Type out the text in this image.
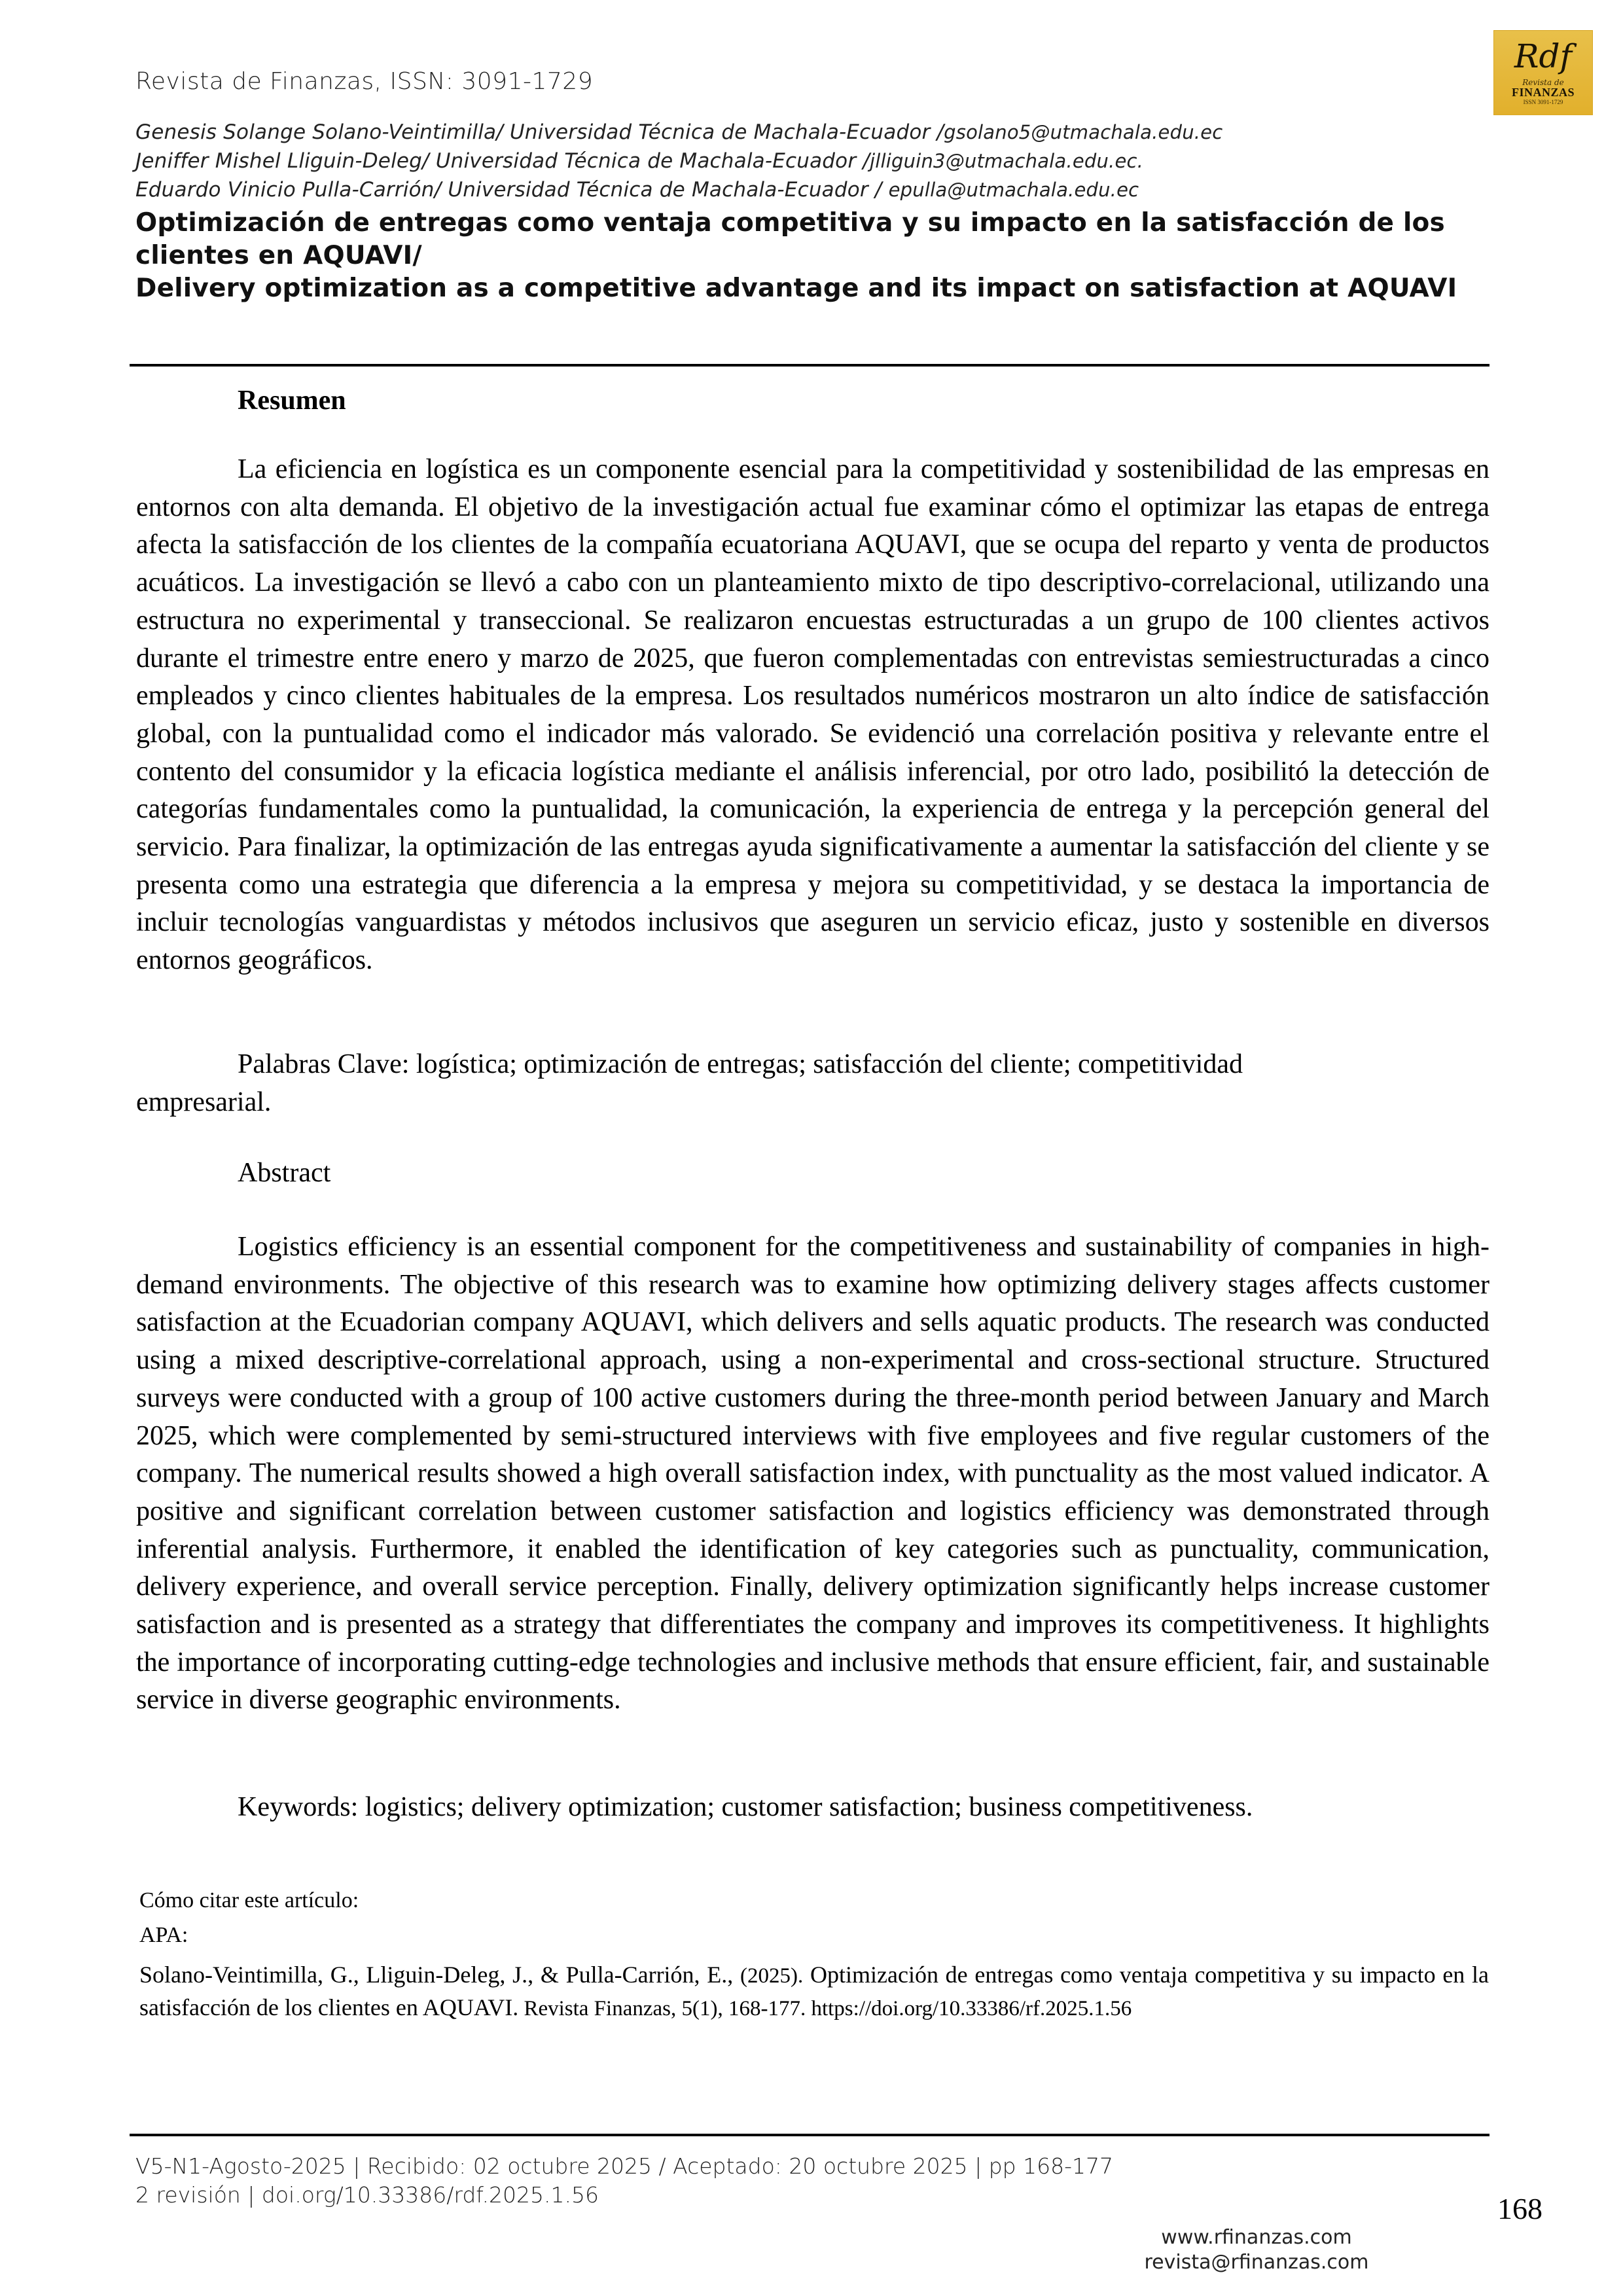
Revista de Finanzas, ISSN: 3091-1729
Rdf
Revista de
FINANZAS
ISSN 3091-1729
Genesis Solange Solano-Veintimilla/ Universidad Técnica de Machala-Ecuador /gsolano5@utmachala.edu.ec
Jeniffer Mishel Lliguin-Deleg/ Universidad Técnica de Machala-Ecuador /jlliguin3@utmachala.edu.ec.
Eduardo Vinicio Pulla-Carrión/ Universidad Técnica de Machala-Ecuador / epulla@utmachala.edu.ec
Optimización de entregas como ventaja competitiva y su impacto en la satisfacción de los
clientes en AQUAVI/
Delivery optimization as a competitive advantage and its impact on satisfaction at AQUAVI
Resumen
La eficiencia en logística es un componente esencial para la competitividad y sostenibilidad de las empresas en entornos con alta demanda. El objetivo de la investigación actual fue examinar cómo el optimizar las etapas de entrega afecta la satisfacción de los clientes de la compañía ecuatoriana AQUAVI, que se ocupa del reparto y venta de productos acuáticos. La investigación se llevó a cabo con un planteamiento mixto de tipo descriptivo-correlacional, utilizando una estructura no experimental y transeccional. Se realizaron encuestas estructuradas a un grupo de 100 clientes activos durante el trimestre entre enero y marzo de 2025, que fueron complementadas con entrevistas semiestructuradas a cinco empleados y cinco clientes habituales de la empresa. Los resultados numéricos mostraron un alto índice de satisfacción global, con la puntualidad como el indicador más valorado. Se evidenció una correlación positiva y relevante entre el contento del consumidor y la eficacia logística mediante el análisis inferencial, por otro lado, posibilitó la detección de categorías fundamentales como la puntualidad, la comunicación, la experiencia de entrega y la percepción general del servicio. Para finalizar, la optimización de las entregas ayuda significativamente a aumentar la satisfacción del cliente y se presenta como una estrategia que diferencia a la empresa y mejora su competitividad, y se destaca la importancia de incluir tecnologías vanguardistas y métodos inclusivos que aseguren un servicio eficaz, justo y sostenible en diversos entornos geográficos.
Palabras Clave: logística; optimización de entregas; satisfacción del cliente; competitividad
empresarial.
Abstract
Logistics efficiency is an essential component for the competitiveness and sustainability of companies in high-demand environments. The objective of this research was to examine how optimizing delivery stages affects customer satisfaction at the Ecuadorian company AQUAVI, which delivers and sells aquatic products. The research was conducted using a mixed descriptive-correlational approach, using a non-experimental and cross-sectional structure. Structured surveys were conducted with a group of 100 active customers during the three-month period between January and March 2025, which were complemented by semi-structured interviews with five employees and five regular customers of the company. The numerical results showed a high overall satisfaction index, with punctuality as the most valued indicator. A positive and significant correlation between customer satisfaction and logistics efficiency was demonstrated through inferential analysis. Furthermore, it enabled the identification of key categories such as punctuality, communication, delivery experience, and overall service perception. Finally, delivery optimization significantly helps increase customer satisfaction and is presented as a strategy that differentiates the company and improves its competitiveness. It highlights the importance of incorporating cutting-edge technologies and inclusive methods that ensure efficient, fair, and sustainable service in diverse geographic environments.
Keywords: logistics; delivery optimization; customer satisfaction; business competitiveness.
Cómo citar este artículo:
APA:
Solano-Veintimilla, G., Lliguin-Deleg, J., & Pulla-Carrión, E., (2025). Optimización de entregas como ventaja competitiva y su impacto en la satisfacción de los clientes en AQUAVI. Revista Finanzas, 5(1), 168-177. https://doi.org/10.33386/rf.2025.1.56
V5-N1-Agosto-2025 | Recibido: 02 octubre 2025 / Aceptado: 20 octubre 2025 | pp 168-177
2 revisión | doi.org/10.33386/rdf.2025.1.56	168
www.rfinanzas.com
revista@rfinanzas.com
